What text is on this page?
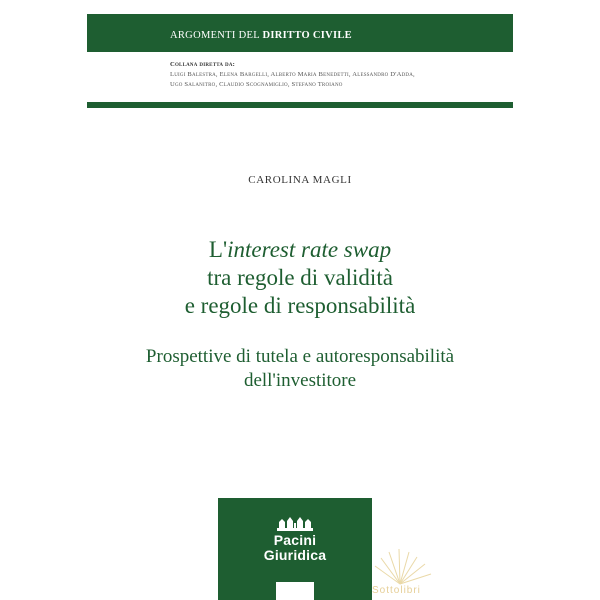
ARGOMENTI DEL DIRITTO CIVILE
Collana diretta da:
Luigi Balestra, Elena Bargelli, Alberto Maria Benedetti, Alessandro D'Adda,
Ugo Salanitro, Claudio Scognamiglio, Stefano Troiano
CAROLINA MAGLI
L'interest rate swap
tra regole di validità
e regole di responsabilità
Prospettive di tutela e autoresponsabilità
dell'investitore
Pacini
Giuridica
Sottolibri
